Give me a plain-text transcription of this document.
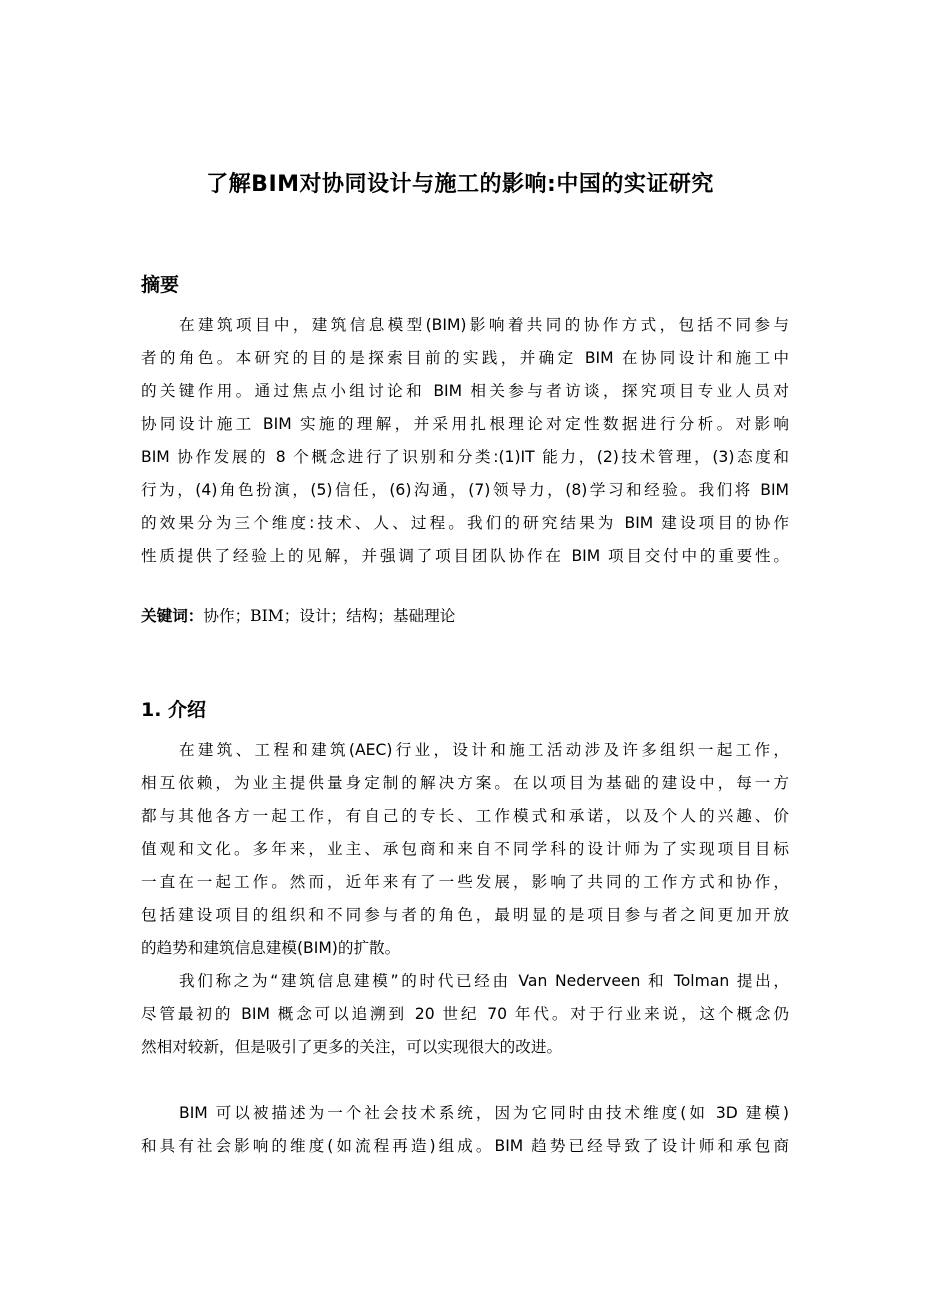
了解BIM对协同设计与施工的影响:中国的实证研究
摘要
在建筑项目中，建筑信息模型(BIM)影响着共同的协作方式，包括不同参与
者的角色。本研究的目的是探索目前的实践，并确定 BIM 在协同设计和施工中
的关键作用。通过焦点小组讨论和 BIM 相关参与者访谈，探究项目专业人员对
协同设计施工 BIM 实施的理解，并采用扎根理论对定性数据进行分析。对影响
BIM 协作发展的 8 个概念进行了识别和分类:(1)IT 能力，(2)技术管理，(3)态度和
行为，(4)角色扮演，(5)信任，(6)沟通，(7)领导力，(8)学习和经验。我们将 BIM
的效果分为三个维度:技术、人、过程。我们的研究结果为 BIM 建设项目的协作
性质提供了经验上的见解，并强调了项目团队协作在 BIM 项目交付中的重要性。
关键词：协作；BIM；设计；结构；基础理论
1. 介绍
在建筑、工程和建筑(AEC)行业，设计和施工活动涉及许多组织一起工作，
相互依赖，为业主提供量身定制的解决方案。在以项目为基础的建设中，每一方
都与其他各方一起工作，有自己的专长、工作模式和承诺，以及个人的兴趣、价
值观和文化。多年来，业主、承包商和来自不同学科的设计师为了实现项目目标
一直在一起工作。然而，近年来有了一些发展，影响了共同的工作方式和协作，
包括建设项目的组织和不同参与者的角色，最明显的是项目参与者之间更加开放
的趋势和建筑信息建模(BIM)的扩散。
我们称之为“建筑信息建模”的时代已经由 Van Nederveen 和 Tolman 提出，
尽管最初的 BIM 概念可以追溯到 20 世纪 70 年代。对于行业来说，这个概念仍
然相对较新，但是吸引了更多的关注，可以实现很大的改进。
BIM 可以被描述为一个社会技术系统，因为它同时由技术维度(如 3D 建模)
和具有社会影响的维度(如流程再造)组成。BIM 趋势已经导致了设计师和承包商
